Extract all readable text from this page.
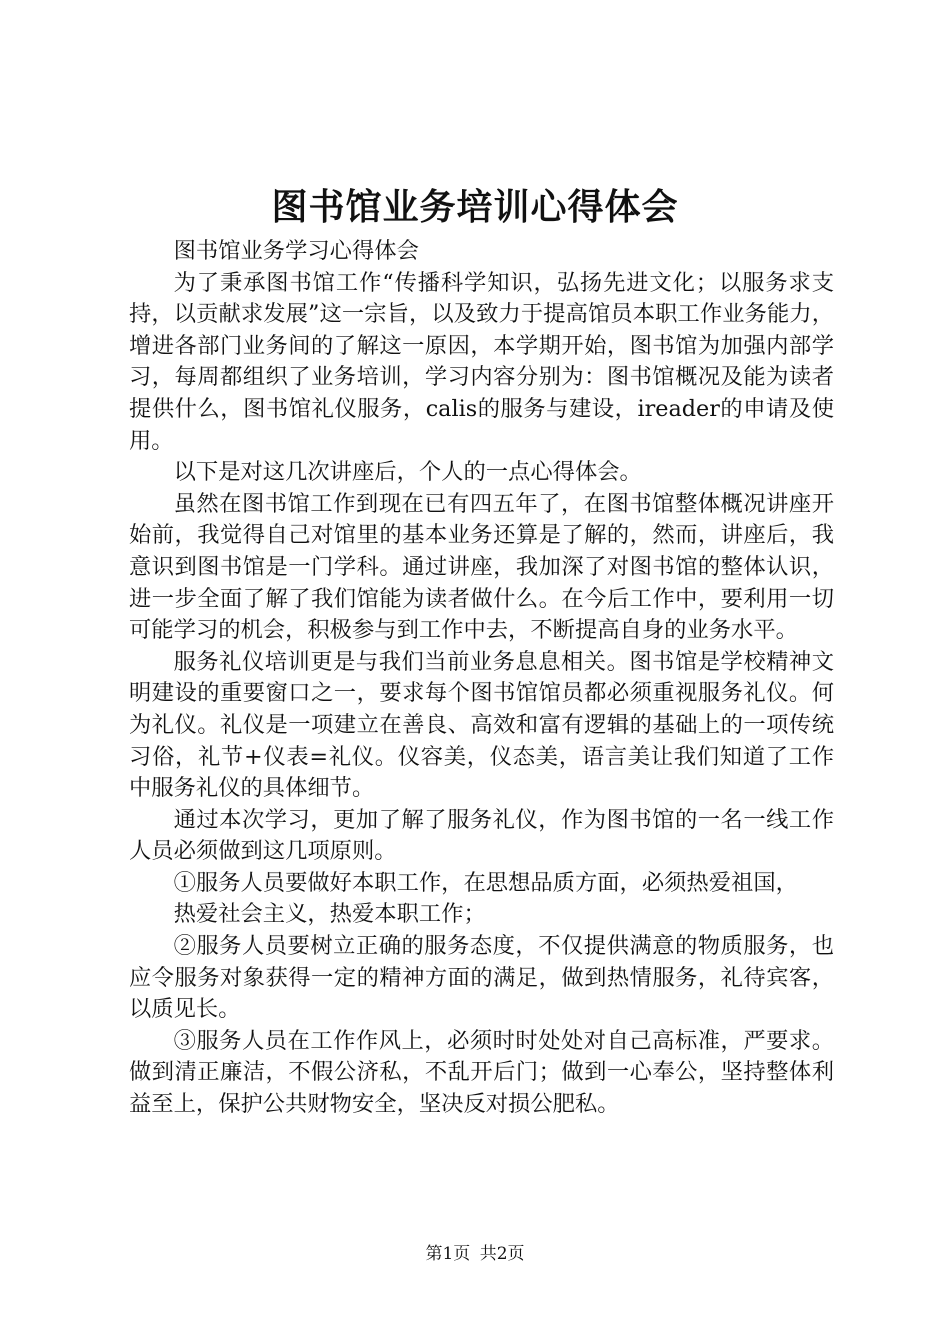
图书馆业务培训心得体会

图书馆业务学习心得体会

为了秉承图书馆工作“传播科学知识，弘扬先进文化；以服务求支持，以贡献求发展”这一宗旨，以及致力于提高馆员本职工作业务能力，增进各部门业务间的了解这一原因，本学期开始，图书馆为加强内部学习，每周都组织了业务培训，学习内容分别为：图书馆概况及能为读者提供什么，图书馆礼仪服务，calis的服务与建设，ireader的申请及使用。

以下是对这几次讲座后，个人的一点心得体会。

虽然在图书馆工作到现在已有四五年了，在图书馆整体概况讲座开始前，我觉得自己对馆里的基本业务还算是了解的，然而，讲座后，我意识到图书馆是一门学科。通过讲座，我加深了对图书馆的整体认识，进一步全面了解了我们馆能为读者做什么。在今后工作中，要利用一切可能学习的机会，积极参与到工作中去，不断提高自身的业务水平。

服务礼仪培训更是与我们当前业务息息相关。图书馆是学校精神文明建设的重要窗口之一，要求每个图书馆馆员都必须重视服务礼仪。何为礼仪。礼仪是一项建立在善良、高效和富有逻辑的基础上的一项传统习俗，礼节+仪表=礼仪。仪容美，仪态美，语言美让我们知道了工作中服务礼仪的具体细节。

通过本次学习，更加了解了服务礼仪，作为图书馆的一名一线工作人员必须做到这几项原则。

①服务人员要做好本职工作，在思想品质方面，必须热爱祖国，

热爱社会主义，热爱本职工作；

②服务人员要树立正确的服务态度，不仅提供满意的物质服务，也应令服务对象获得一定的精神方面的满足，做到热情服务，礼待宾客，以质见长。

③服务人员在工作作风上，必须时时处处对自己高标准，严要求。做到清正廉洁，不假公济私，不乱开后门；做到一心奉公，坚持整体利益至上，保护公共财物安全，坚决反对损公肥私。

第1页 共2页
